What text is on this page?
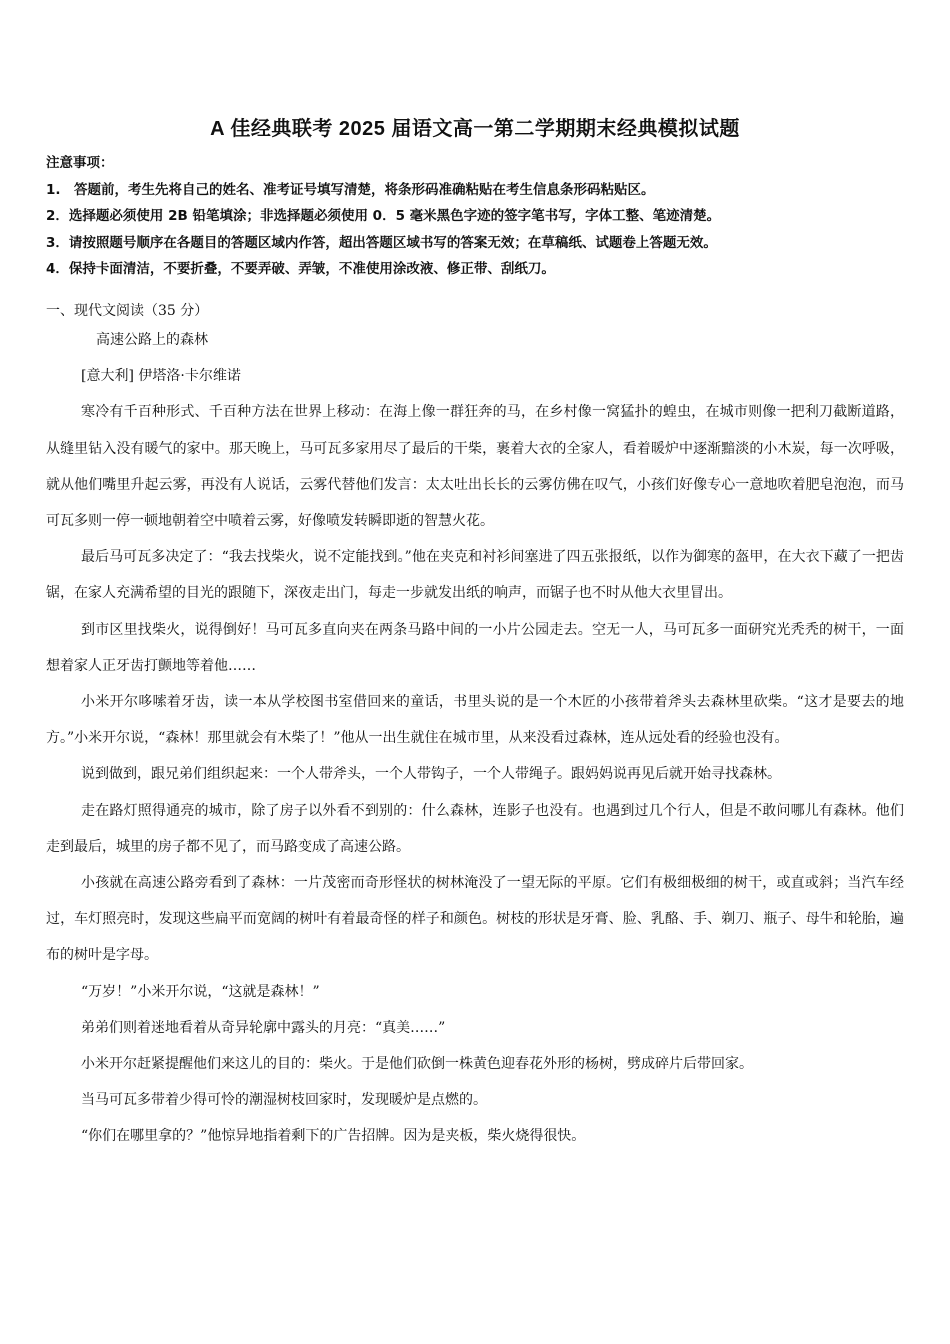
A 佳经典联考 2025 届语文高一第二学期期末经典模拟试题
注意事项：
1.　答题前，考生先将自己的姓名、准考证号填写清楚，将条形码准确粘贴在考生信息条形码粘贴区。
2．选择题必须使用 2B 铅笔填涂；非选择题必须使用 0．5 毫米黑色字迹的签字笔书写，字体工整、笔迹清楚。
3．请按照题号顺序在各题目的答题区域内作答，超出答题区域书写的答案无效；在草稿纸、试题卷上答题无效。
4．保持卡面清洁，不要折叠，不要弄破、弄皱，不准使用涂改液、修正带、刮纸刀。
一、现代文阅读（35 分）

高速公路上的森林

[意大利] 伊塔洛·卡尔维诺

寒冷有千百种形式、千百种方法在世界上移动：在海上像一群狂奔的马，在乡村像一窝猛扑的蝗虫，在城市则像一把利刀截断道路，从缝里钻入没有暖气的家中。那天晚上，马可瓦多家用尽了最后的干柴，裹着大衣的全家人，看着暖炉中逐渐黯淡的小木炭，每一次呼吸，就从他们嘴里升起云雾，再没有人说话，云雾代替他们发言：太太吐出长长的云雾仿佛在叹气，小孩们好像专心一意地吹着肥皂泡泡，而马可瓦多则一停一顿地朝着空中喷着云雾，好像喷发转瞬即逝的智慧火花。

最后马可瓦多决定了：“我去找柴火，说不定能找到。”他在夹克和衬衫间塞进了四五张报纸，以作为御寒的盔甲，在大衣下藏了一把齿锯，在家人充满希望的目光的跟随下，深夜走出门，每走一步就发出纸的响声，而锯子也不时从他大衣里冒出。

到市区里找柴火，说得倒好！马可瓦多直向夹在两条马路中间的一小片公园走去。空无一人，马可瓦多一面研究光秃秃的树干，一面想着家人正牙齿打颤地等着他……

小米开尔哆嗦着牙齿，读一本从学校图书室借回来的童话，书里头说的是一个木匠的小孩带着斧头去森林里砍柴。“这才是要去的地方。”小米开尔说，“森林！那里就会有木柴了！”他从一出生就住在城市里，从来没看过森林，连从远处看的经验也没有。

说到做到，跟兄弟们组织起来：一个人带斧头，一个人带钩子，一个人带绳子。跟妈妈说再见后就开始寻找森林。

走在路灯照得通亮的城市，除了房子以外看不到别的：什么森林，连影子也没有。也遇到过几个行人，但是不敢问哪儿有森林。他们走到最后，城里的房子都不见了，而马路变成了高速公路。

小孩就在高速公路旁看到了森林：一片茂密而奇形怪状的树林淹没了一望无际的平原。它们有极细极细的树干，或直或斜；当汽车经过，车灯照亮时，发现这些扁平而宽阔的树叶有着最奇怪的样子和颜色。树枝的形状是牙膏、脸、乳酪、手、剃刀、瓶子、母牛和轮胎，遍布的树叶是字母。

“万岁！”小米开尔说，“这就是森林！”

弟弟们则着迷地看着从奇异轮廓中露头的月亮：“真美……”

小米开尔赶紧提醒他们来这儿的目的：柴火。于是他们砍倒一株黄色迎春花外形的杨树，劈成碎片后带回家。

当马可瓦多带着少得可怜的潮湿树枝回家时，发现暖炉是点燃的。

“你们在哪里拿的？”他惊异地指着剩下的广告招牌。因为是夹板，柴火烧得很快。
